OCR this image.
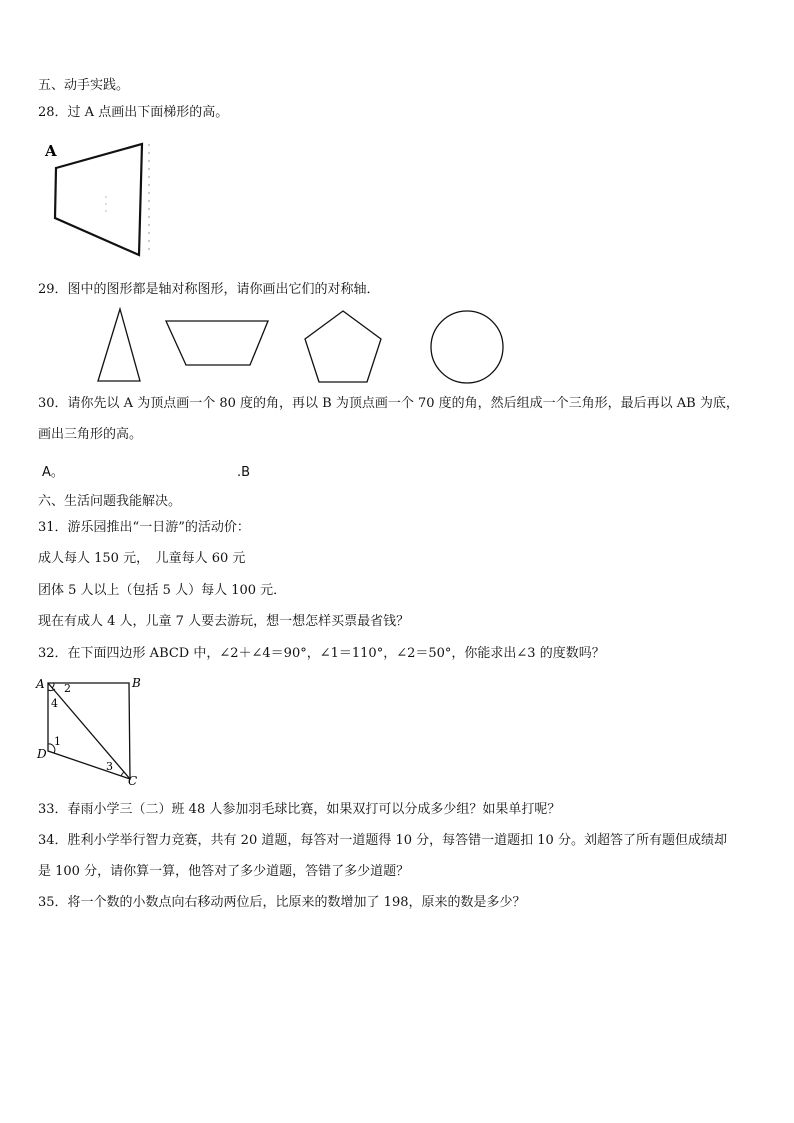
五、动手实践。
28．过 A 点画出下面梯形的高。
A
29．图中的图形都是轴对称图形，请你画出它们的对称轴．
30．请你先以 A 为顶点画一个 80 度的角，再以 B 为顶点画一个 70 度的角，然后组成一个三角形，最后再以 AB 为底，
画出三角形的高。
A。	.B
六、生活问题我能解决。
31．游乐园推出“一日游”的活动价：
成人每人 150 元，　儿童每人 60 元
团体 5 人以上（包括 5 人）每人 100 元．
现在有成人 4 人，儿童 7 人要去游玩，想一想怎样买票最省钱？
32．在下面四边形 ABCD 中，∠2＋∠4＝90°，∠1＝110°，∠2＝50°，你能求出∠3 的度数吗？
A	B
C
D
2
4
1
3
33．春雨小学三（二）班 48 人参加羽毛球比赛，如果双打可以分成多少组？如果单打呢？
34．胜利小学举行智力竞赛，共有 20 道题，每答对一道题得 10 分，每答错一道题扣 10 分。刘超答了所有题但成绩却
是 100 分，请你算一算，他答对了多少道题，答错了多少道题？
35．将一个数的小数点向右移动两位后，比原来的数增加了 198，原来的数是多少？
